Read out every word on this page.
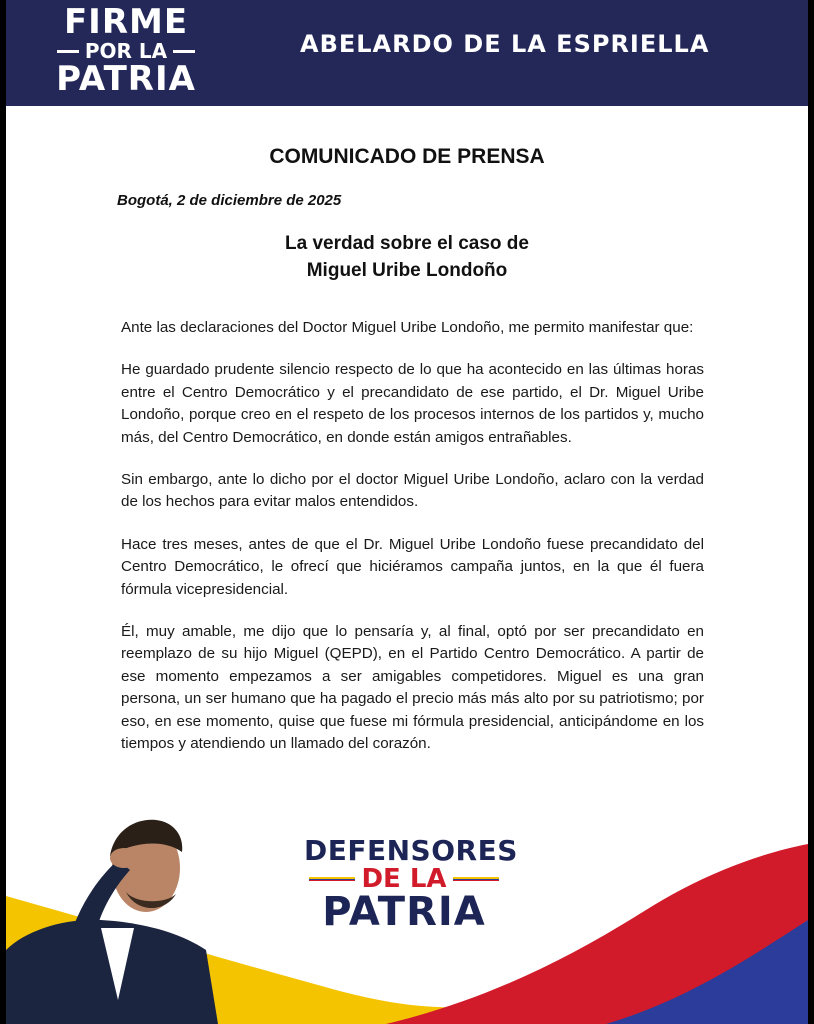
FIRME
POR LA
PATRIA
ABELARDO DE LA ESPRIELLA
COMUNICADO DE PRENSA
Bogotá, 2 de diciembre de 2025
La verdad sobre el caso de
Miguel Uribe Londoño

Ante las declaraciones del Doctor Miguel Uribe Londoño, me permito manifestar que:

He guardado prudente silencio respecto de lo que ha acontecido en las últimas horas entre el Centro Democrático y el precandidato de ese partido, el Dr. Miguel Uribe Londoño, porque creo en el respeto de los procesos internos de los partidos y, mucho más, del Centro Democrático, en donde están amigos entrañables.

Sin embargo, ante lo dicho por el doctor Miguel Uribe Londoño, aclaro con la verdad de los hechos para evitar malos entendidos.

Hace tres meses, antes de que el Dr. Miguel Uribe Londoño fuese precandidato del Centro Democrático, le ofrecí que hiciéramos campaña juntos, en la que él fuera fórmula vicepresidencial.

Él, muy amable, me dijo que lo pensaría y, al final, optó por ser precandidato en reemplazo de su hijo Miguel (QEPD), en el Partido Centro Democrático. A partir de ese momento empezamos a ser amigables competidores. Miguel es una gran persona, un ser humano que ha pagado el precio más más alto por su patriotismo; por eso, en ese momento, quise que fuese mi fórmula presidencial, anticipándome en los tiempos y atendiendo un llamado del corazón.

DEFENSORES
DE LA
PATRIA
